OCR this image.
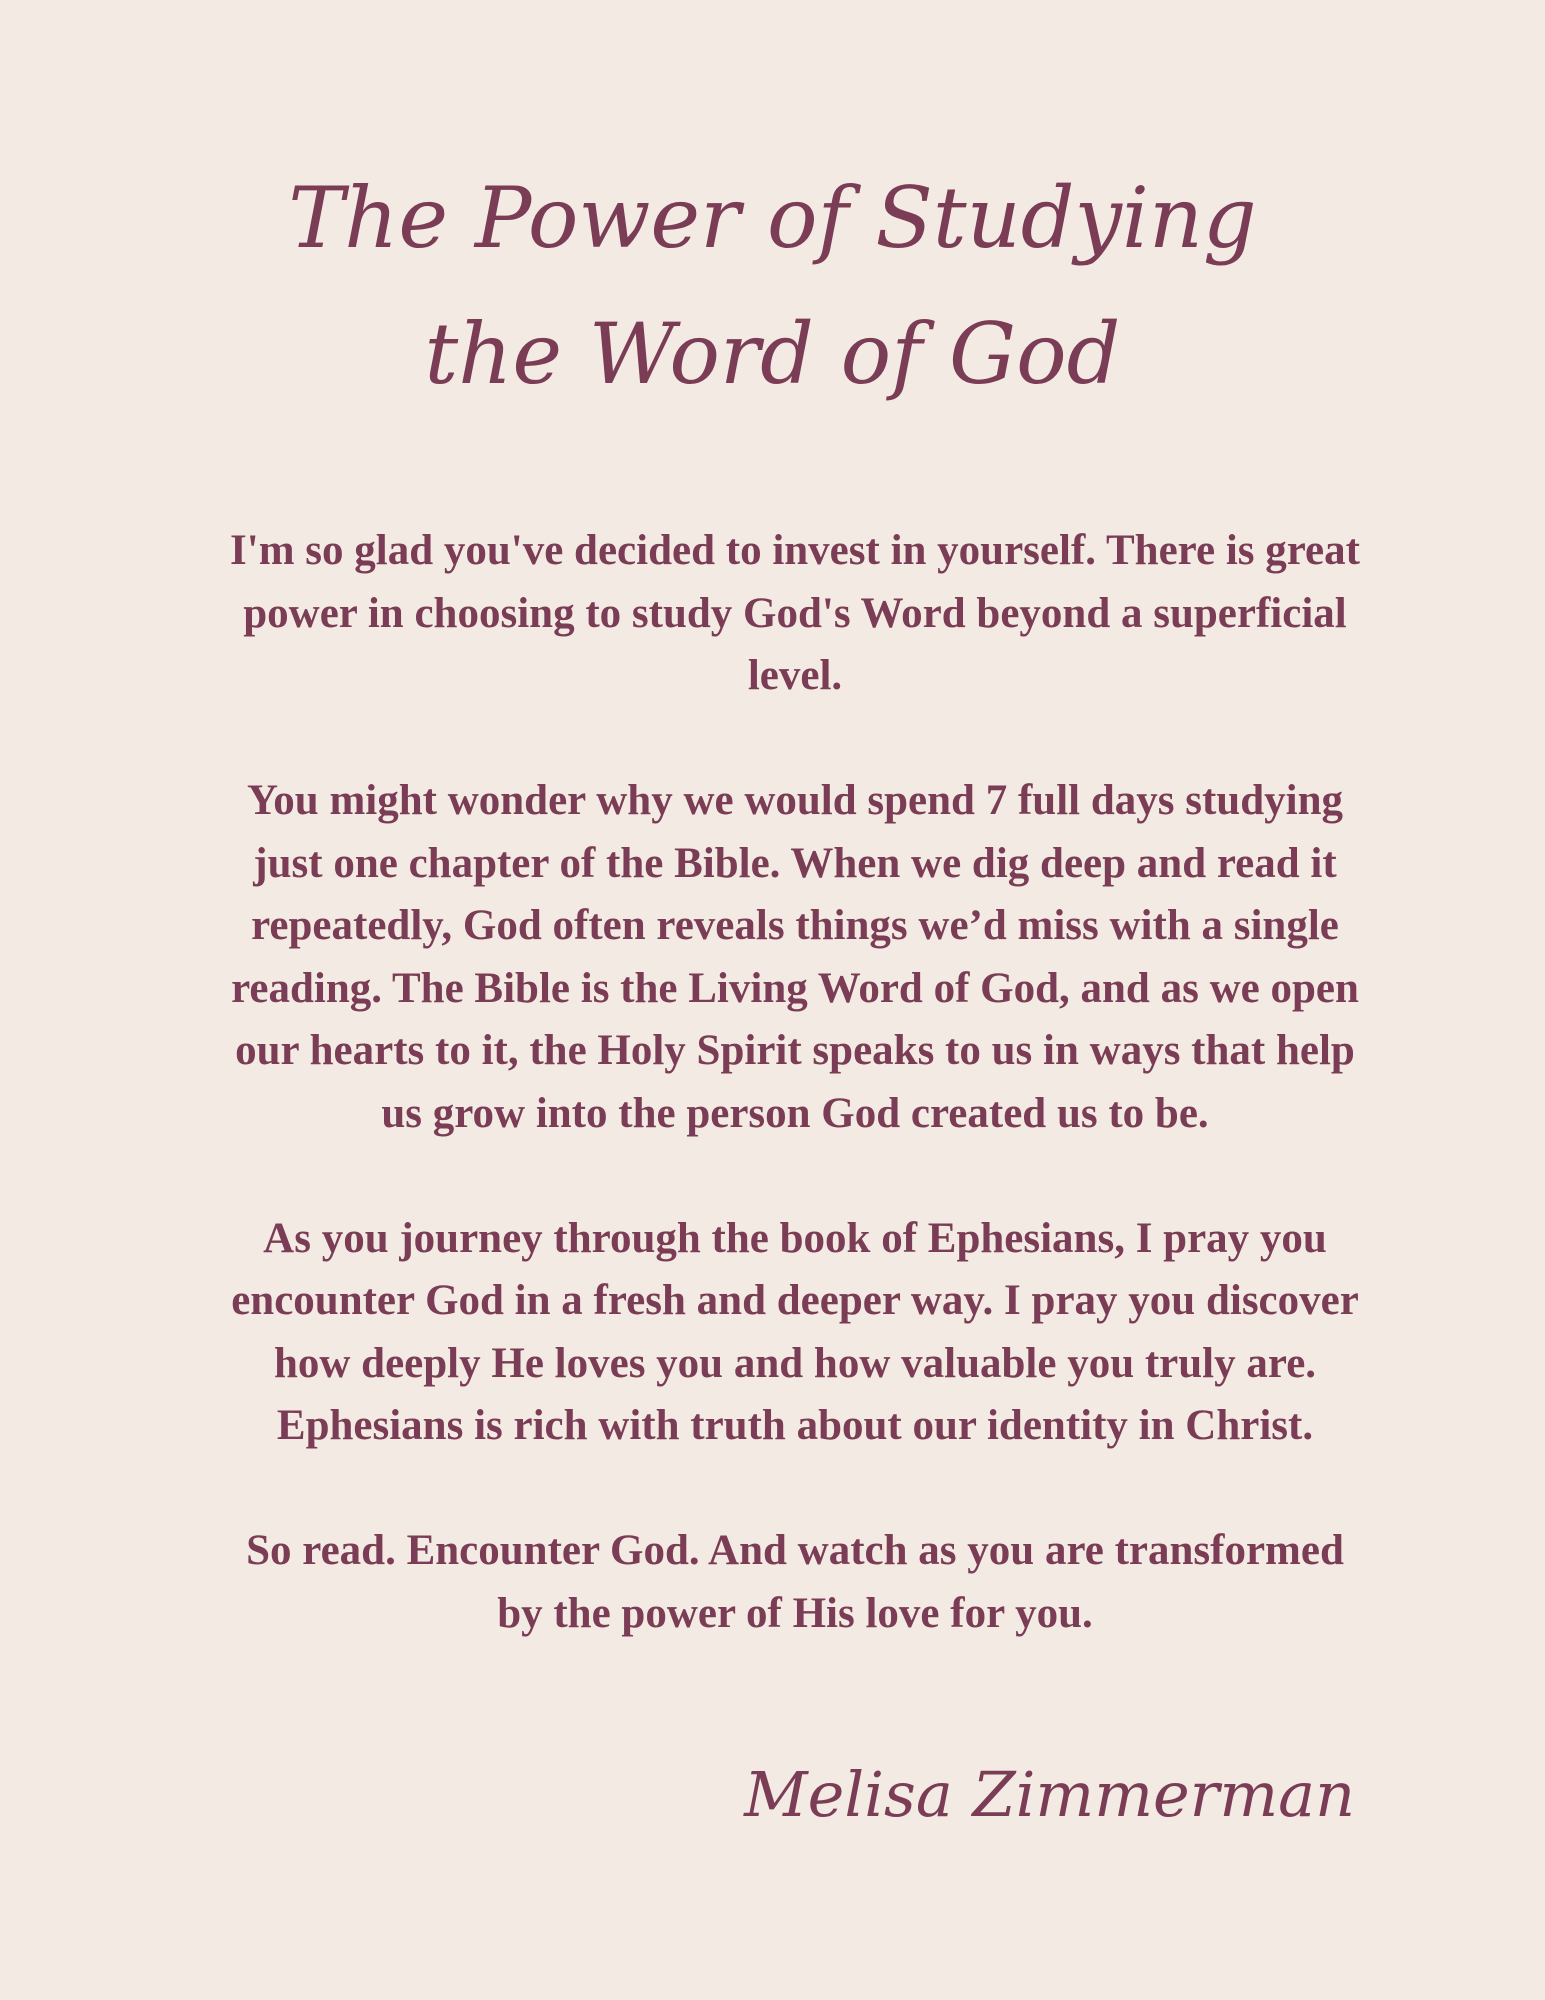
The Power of Studying
the Word of God

I'm so glad you've decided to invest in yourself. There is great power in choosing to study God's Word beyond a superficial level.

You might wonder why we would spend 7 full days studying just one chapter of the Bible. When we dig deep and read it repeatedly, God often reveals things we’d miss with a single reading. The Bible is the Living Word of God, and as we open our hearts to it, the Holy Spirit speaks to us in ways that help us grow into the person God created us to be.

As you journey through the book of Ephesians, I pray you encounter God in a fresh and deeper way. I pray you discover how deeply He loves you and how valuable you truly are. Ephesians is rich with truth about our identity in Christ.

So read. Encounter God. And watch as you are transformed by the power of His love for you.

Melisa Zimmerman
